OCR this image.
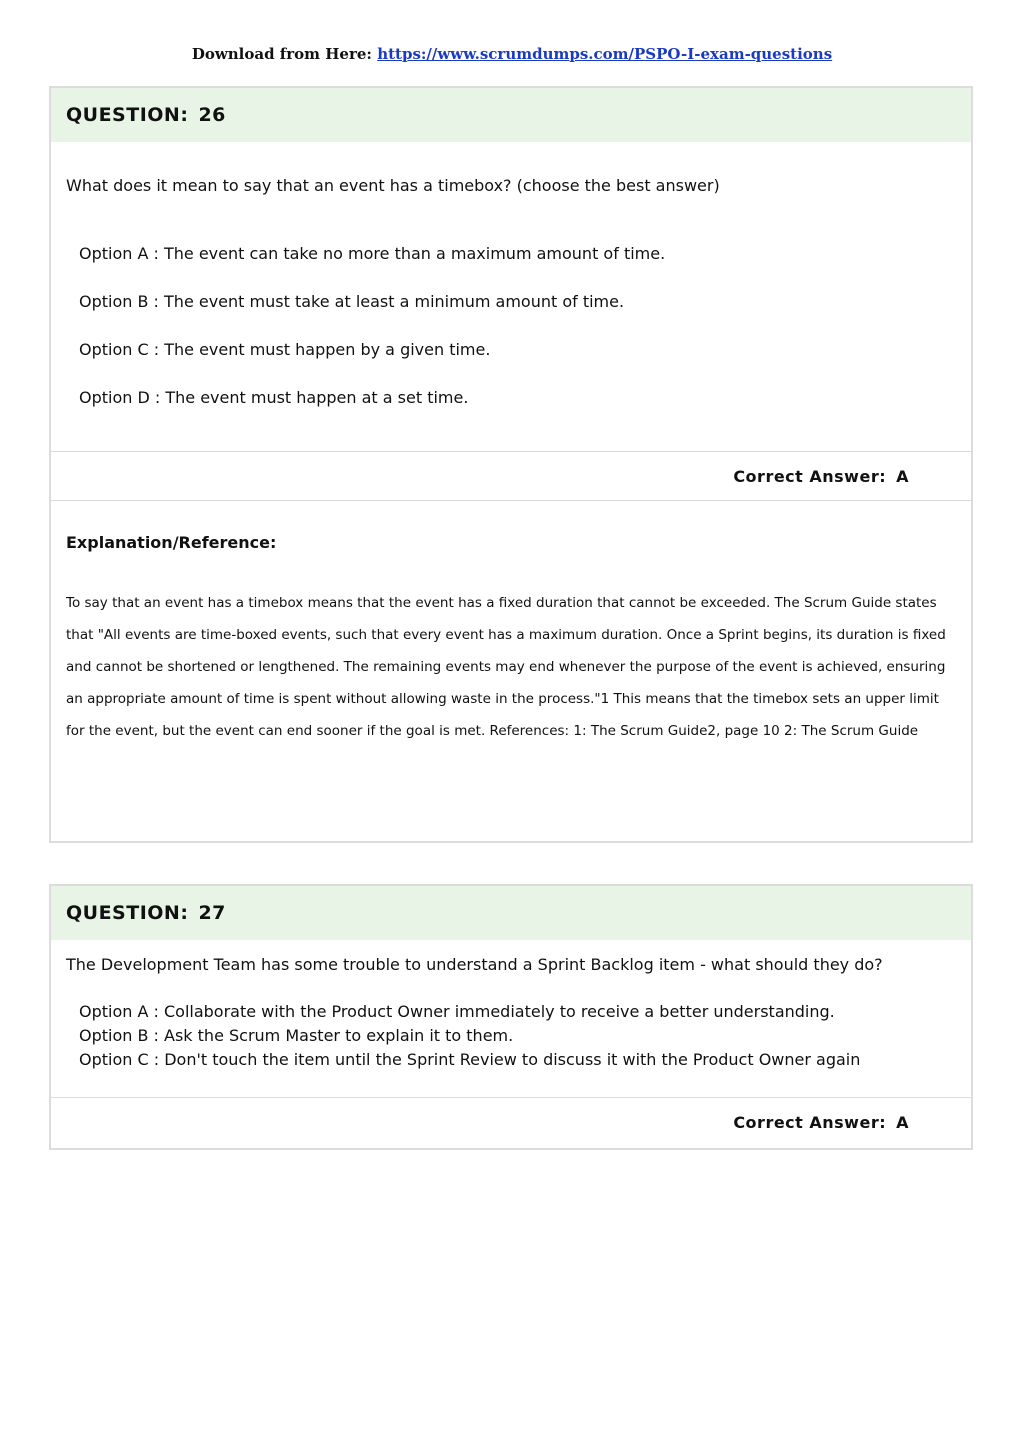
Download from Here: https://www.scrumdumps.com/PSPO-I-exam-questions
QUESTION: 26
What does it mean to say that an event has a timebox? (choose the best answer)
Option A : The event can take no more than a maximum amount of time.
Option B : The event must take at least a minimum amount of time.
Option C : The event must happen by a given time.
Option D : The event must happen at a set time.
Correct Answer: A
Explanation/Reference:
To say that an event has a timebox means that the event has a fixed duration that cannot be exceeded. The Scrum Guide states that "All events are time-boxed events, such that every event has a maximum duration. Once a Sprint begins, its duration is fixed and cannot be shortened or lengthened. The remaining events may end whenever the purpose of the event is achieved, ensuring an appropriate amount of time is spent without allowing waste in the process."1 This means that the timebox sets an upper limit for the event, but the event can end sooner if the goal is met. References: 1: The Scrum Guide2, page 10 2: The Scrum Guide
QUESTION: 27
The Development Team has some trouble to understand a Sprint Backlog item - what should they do?
Option A : Collaborate with the Product Owner immediately to receive a better understanding.
Option B : Ask the Scrum Master to explain it to them.
Option C : Don't touch the item until the Sprint Review to discuss it with the Product Owner again
Correct Answer: A
